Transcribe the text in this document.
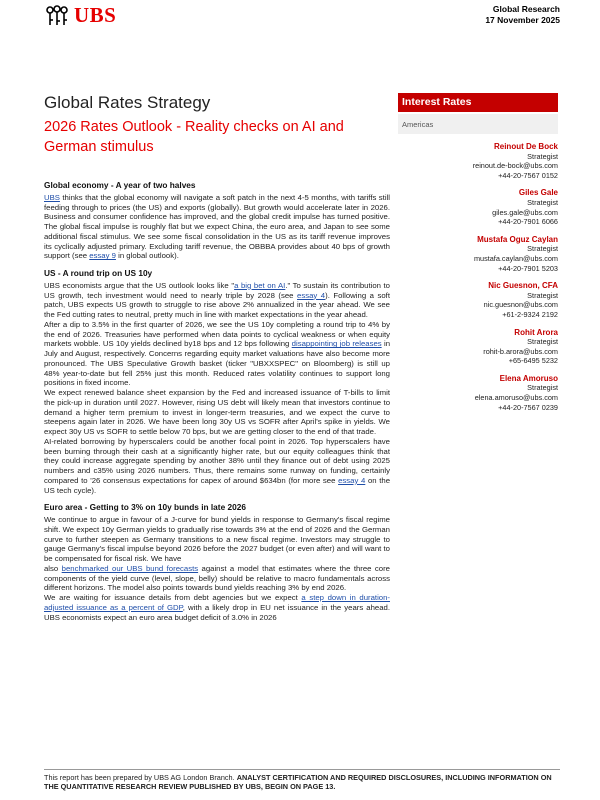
UBS	Global Research
17 November 2025
Global Rates Strategy
2026 Rates Outlook - Reality checks on AI and German stimulus
Interest Rates
Americas
Reinout De Bock
Strategist
reinout.de-bock@ubs.com
+44-20-7567 0152
Giles Gale
Strategist
giles.gale@ubs.com
+44-20-7901 6066
Mustafa Oguz Caylan
Strategist
mustafa.caylan@ubs.com
+44-20-7901 5203
Nic Guesnon, CFA
Strategist
nic.guesnon@ubs.com
+61-2-9324 2192
Rohit Arora
Strategist
rohit-b.arora@ubs.com
+65-6495 5232
Elena Amoruso
Strategist
elena.amoruso@ubs.com
+44-20-7567 0239
Global economy - A year of two halves

UBS thinks that the global economy will navigate a soft patch in the next 4-5 months, with tariffs still feeding through to prices (the US) and exports (globally). But growth would accelerate later in 2026. Business and consumer confidence has improved, and the global credit impulse has turned positive. The global fiscal impulse is roughly flat but we expect China, the euro area, and Japan to see some additional fiscal stimulus. We see some fiscal consolidation in the US as its tariff revenue improves its cyclically adjusted primary. Excluding tariff revenue, the OBBBA provides about 40 bps of growth support (see essay 9 in global outlook).

US - A round trip on US 10y

UBS economists argue that the US outlook looks like "a big bet on AI." To sustain its contribution to US growth, tech investment would need to nearly triple by 2028 (see essay 4). Following a soft patch, UBS expects US growth to struggle to rise above 2% annualized in the year ahead. We see the Fed cutting rates to neutral, pretty much in line with market expectations in the year ahead.

After a dip to 3.5% in the first quarter of 2026, we see the US 10y completing a round trip to 4% by the end of 2026. Treasuries have performed when data points to cyclical weakness or when equity markets wobble. US 10y yields declined by18 bps and 12 bps following disappointing job releases in July and August, respectively. Concerns regarding equity market valuations have also become more pronounced. The UBS Speculative Growth basket (ticker "UBXXSPEC" on Bloomberg) is still up 48% year-to-date but fell 25% just this month. Reduced rates volatility continues to support long positions in fixed income.

We expect renewed balance sheet expansion by the Fed and increased issuance of T-bills to limit the pick-up in duration until 2027. However, rising US debt will likely mean that investors continue to demand a higher term premium to invest in longer-term treasuries, and we expect the curve to steepens again later in 2026. We have been long 30y US vs SOFR after April's spike in yields. We expect 30y US vs SOFR to settle below 70 bps, but we are getting closer to the end of that trade.

AI-related borrowing by hyperscalers could be another focal point in 2026. Top hyperscalers have been burning through their cash at a significantly higher rate, but our equity colleagues think that they could increase aggregate spending by another 38% until they finance out of debt using 2025 numbers and c35% using 2026 numbers. Thus, there remains some runway on funding, certainly compared to '26 consensus expectations for capex of around $634bn (for more see essay 4 on the US tech cycle).

Euro area - Getting to 3% on 10y bunds in late 2026

We continue to argue in favour of a J-curve for bund yields in response to Germany's fiscal regime shift. We expect 10y German yields to gradually rise towards 3% at the end of 2026 and the German curve to further steepen as Germany transitions to a new fiscal regime. Investors may struggle to gauge Germany's fiscal impulse beyond 2026 before the 2027 budget (or even after) and will want to be compensated for fiscal risk. We have

also benchmarked our UBS bund forecasts against a model that estimates where the three core components of the yield curve (level, slope, belly) should be relative to macro fundamentals across different horizons. The model also points towards bund yields reaching 3% by end 2026.

We are waiting for issuance details from debt agencies but we expect a step down in duration-adjusted issuance as a percent of GDP, with a likely drop in EU net issuance in the years ahead. UBS economists expect an euro area budget deficit of 3.0% in 2026

This report has been prepared by UBS AG London Branch. ANALYST CERTIFICATION AND REQUIRED DISCLOSURES, INCLUDING INFORMATION ON THE QUANTITATIVE RESEARCH REVIEW PUBLISHED BY UBS, BEGIN ON PAGE 13.
